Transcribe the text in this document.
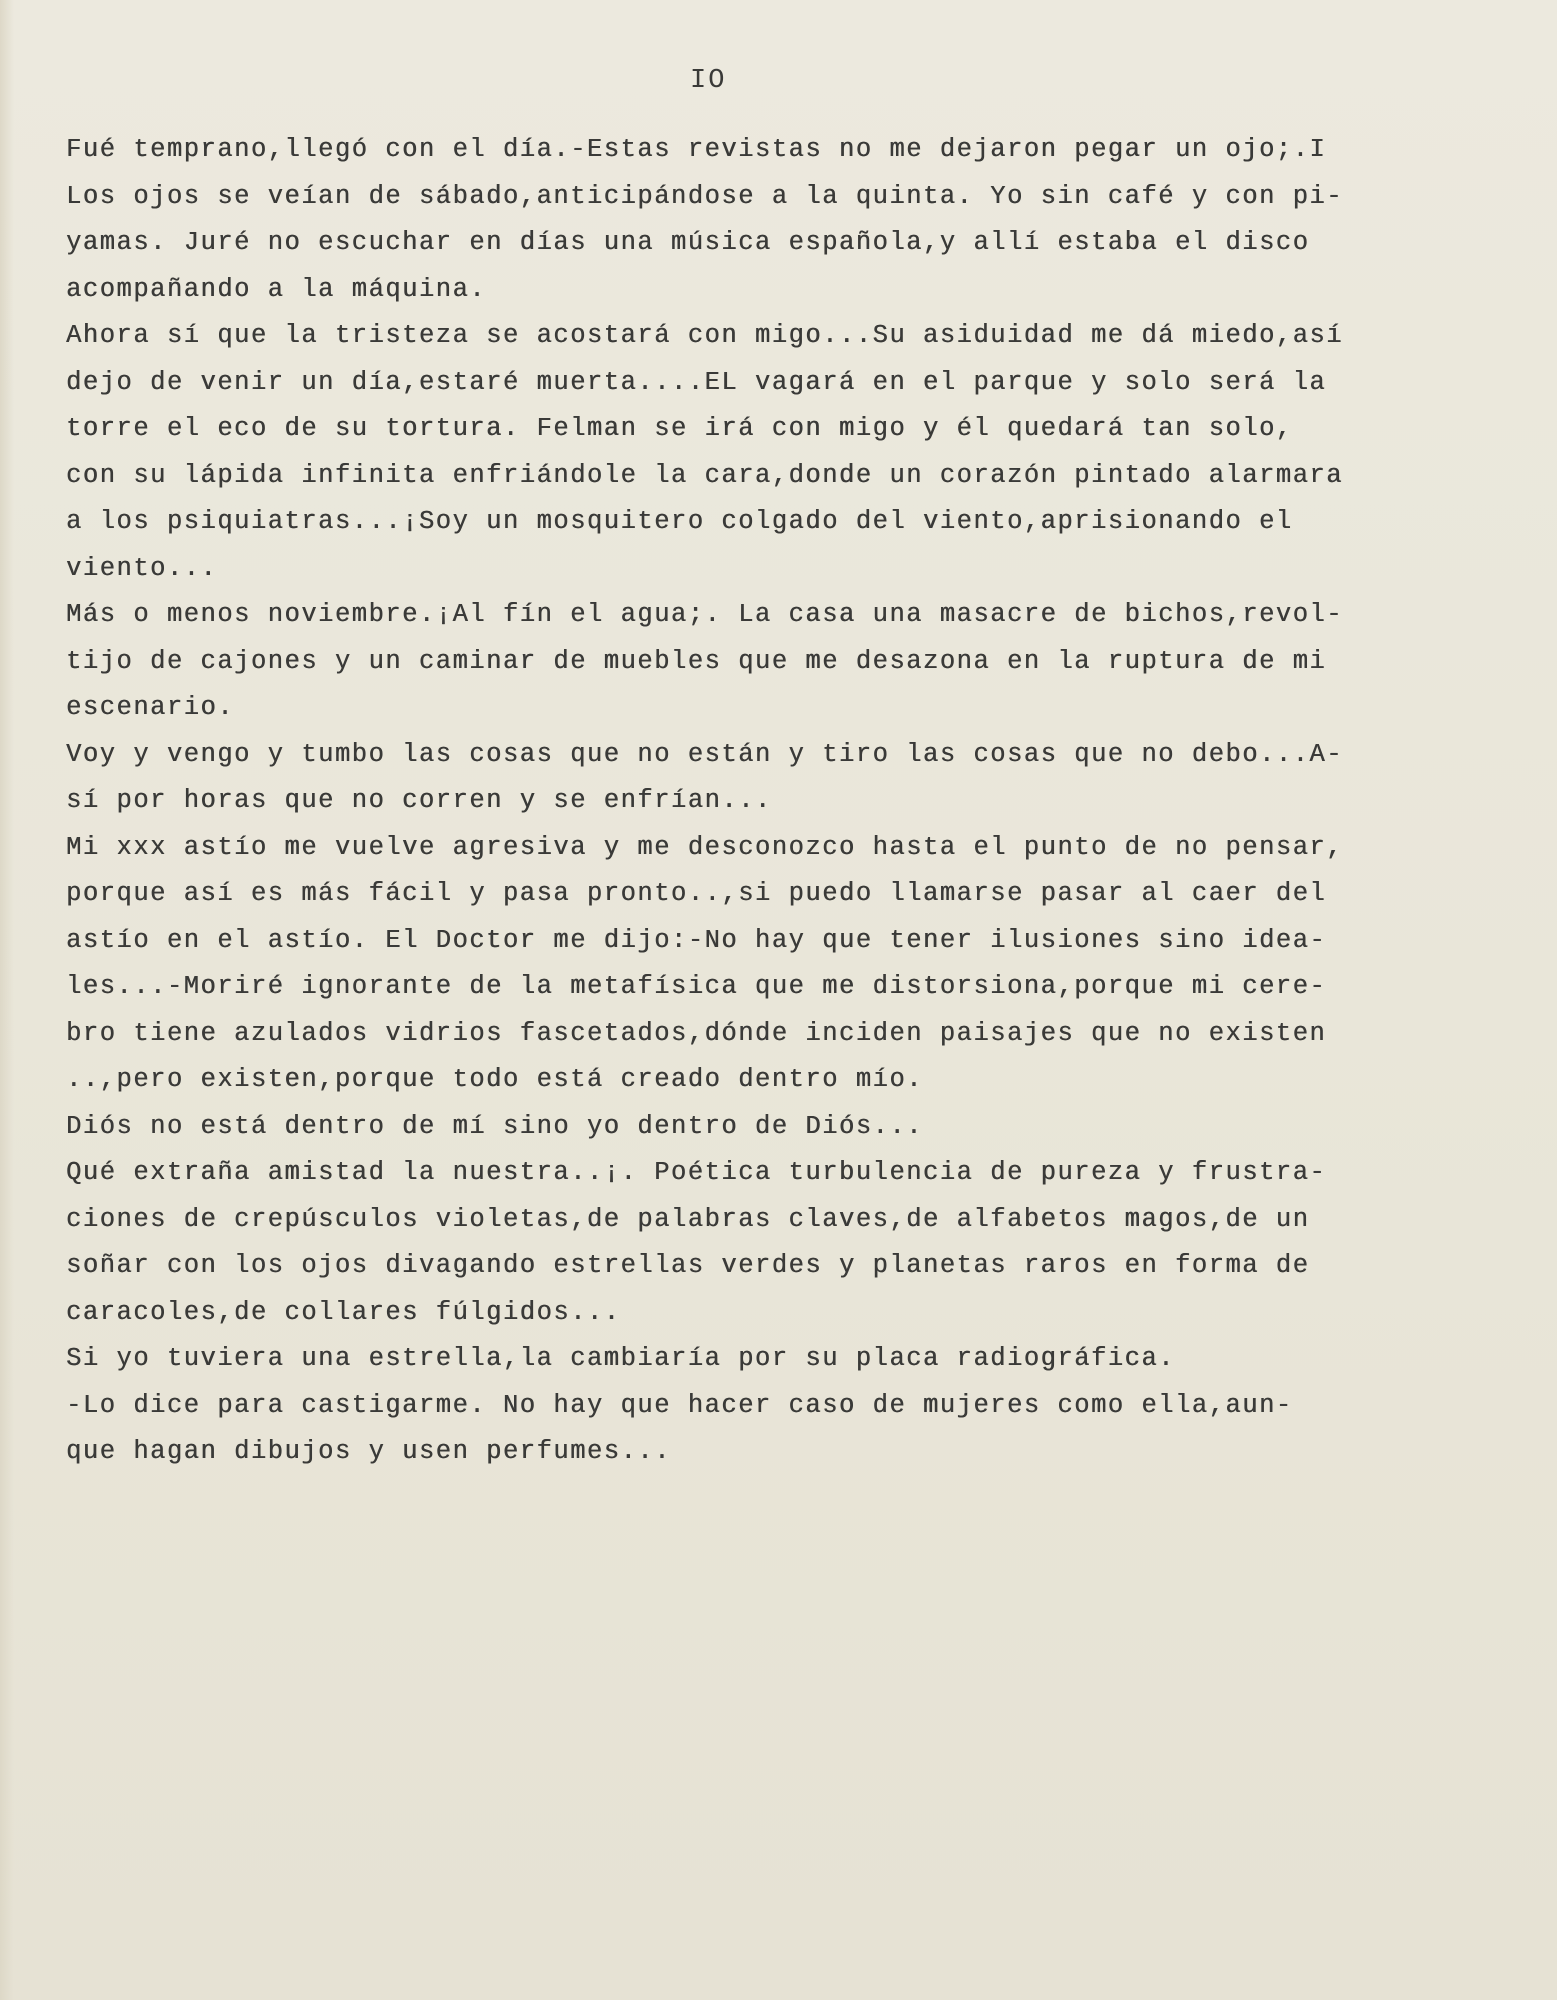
IO
Fué temprano,llegó con el día.-Estas revistas no me dejaron pegar un ojo;.I
Los ojos se veían de sábado,anticipándose a la quinta. Yo sin café y con pi-
yamas. Juré no escuchar en días una música española,y allí estaba el disco
acompañando a la máquina.
Ahora sí que la tristeza se acostará con migo...Su asiduidad me dá miedo,así
dejo de venir un día,estaré muerta....EL vagará en el parque y solo será la
torre el eco de su tortura. Felman se irá con migo y él quedará tan solo,
con su lápida infinita enfriándole la cara,donde un corazón pintado alarmara
a los psiquiatras...¡Soy un mosquitero colgado del viento,aprisionando el
viento...
Más o menos noviembre.¡Al fín el agua;. La casa una masacre de bichos,revol-
tijo de cajones y un caminar de muebles que me desazona en la ruptura de mi
escenario.
Voy y vengo y tumbo las cosas que no están y tiro las cosas que no debo...A-
sí por horas que no corren y se enfrían...
Mi xxx astío me vuelve agresiva y me desconozco hasta el punto de no pensar,
porque así es más fácil y pasa pronto..,si puedo llamarse pasar al caer del
astío en el astío. El Doctor me dijo:-No hay que tener ilusiones sino idea-
les...-Moriré ignorante de la metafísica que me distorsiona,porque mi cere-
bro tiene azulados vidrios fascetados,dónde inciden paisajes que no existen
..,pero existen,porque todo está creado dentro mío.
Diós no está dentro de mí sino yo dentro de Diós...
Qué extraña amistad la nuestra..¡. Poética turbulencia de pureza y frustra-
ciones de crepúsculos violetas,de palabras claves,de alfabetos magos,de un
soñar con los ojos divagando estrellas verdes y planetas raros en forma de
caracoles,de collares fúlgidos...
Si yo tuviera una estrella,la cambiaría por su placa radiográfica.
-Lo dice para castigarme. No hay que hacer caso de mujeres como ella,aun-
que hagan dibujos y usen perfumes...
